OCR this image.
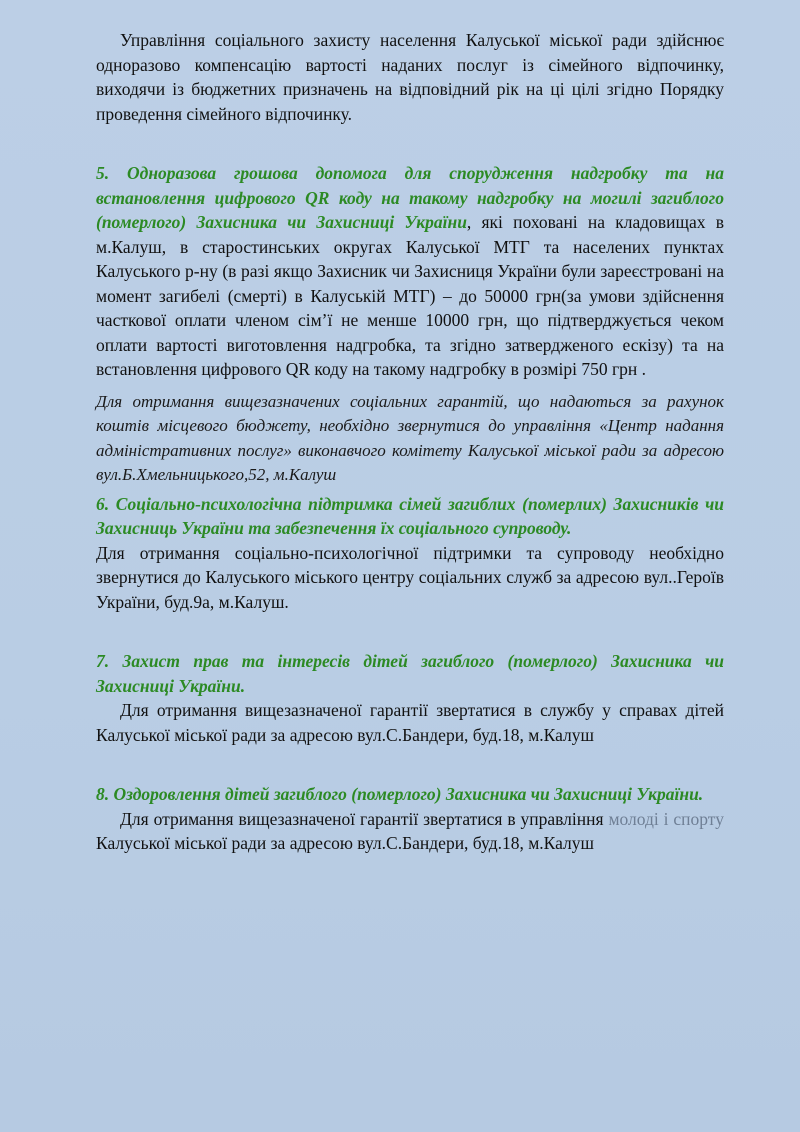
Управління соціального захисту населення Калуської міської ради здійснює одноразово компенсацію вартості наданих послуг із сімейного відпочинку, виходячи із бюджетних призначень на відповідний рік на ці цілі згідно Порядку проведення сімейного відпочинку.

5. Одноразова грошова допомога для спорудження надгробку та на встановлення цифрового QR коду на такому надгробку на могилі загиблого (померлого) Захисника чи Захисниці України, які поховані на кладовищах в м.Калуш, в старостинських округах Калуської МТГ та населених пунктах Калуського р-ну (в разі якщо Захисник чи Захисниця України були зареєстровані на момент загибелі (смерті) в Калуській МТГ) – до 50000 грн(за умови здійснення часткової оплати членом сім’ї не менше 10000 грн, що підтверджується чеком оплати вартості виготовлення надгробка, та згідно затвердженого ескізу) та на встановлення цифрового QR коду на такому надгробку в розмірі 750 грн .

Для отримання вищезазначених соціальних гарантій, що надаються за рахунок коштів місцевого бюджету, необхідно звернутися до управління «Центр надання адміністративних послуг» виконавчого комітету Калуської міської ради за адресою вул.Б.Хмельницького,52, м.Калуш

6. Соціально-психологічна підтримка сімей загиблих (померлих) Захисників чи Захисниць України та забезпечення їх соціального супроводу.

Для отримання соціально-психологічної підтримки та супроводу необхідно звернутися до Калуського міського центру соціальних служб за адресою вул..Героїв України, буд.9а, м.Калуш.

7. Захист прав та інтересів дітей загиблого (померлого) Захисника чи Захисниці України.

Для отримання вищезазначеної гарантії звертатися в службу у справах дітей Калуської міської ради за адресою вул.С.Бандери, буд.18, м.Калуш

8. Оздоровлення дітей загиблого (померлого) Захисника чи Захисниці України.

Для отримання вищезазначеної гарантії звертатися в управління молоді і спорту Калуської міської ради за адресою вул.С.Бандери, буд.18, м.Калуш
